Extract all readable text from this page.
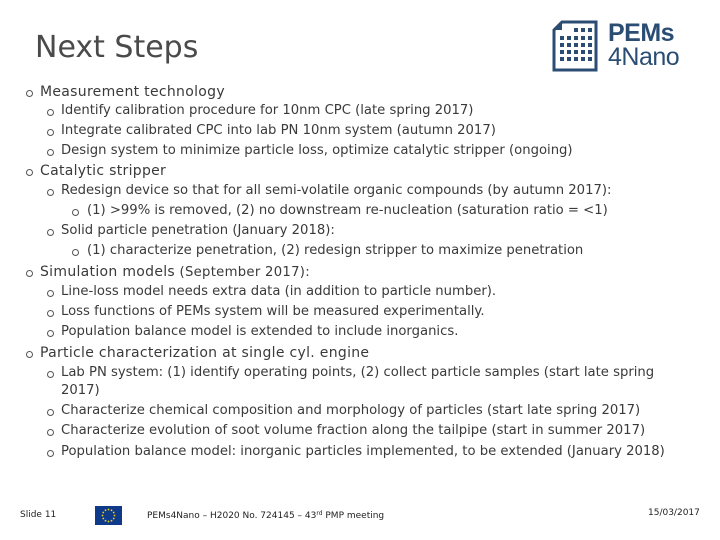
Next Steps	PEMs
4Nano
Measurement technology
Identify calibration procedure for 10nm CPC (late spring 2017)
Integrate calibrated CPC into lab PN 10nm system (autumn 2017)
Design system to minimize particle loss, optimize catalytic stripper (ongoing)
Catalytic stripper
Redesign device so that for all semi-volatile organic compounds (by autumn 2017):
(1) >99% is removed, (2) no downstream re-nucleation (saturation ratio = <1)
Solid particle penetration (January 2018):
(1) characterize penetration, (2) redesign stripper to maximize penetration
Simulation models (September 2017):
Line-loss model needs extra data (in addition to particle number).
Loss functions of PEMs system will be measured experimentally.
Population balance model is extended to include inorganics.
Particle characterization at single cyl. engine
Lab PN system: (1) identify operating points, (2) collect particle samples (start late spring
2017)
Characterize chemical composition and morphology of particles (start late spring 2017)
Characterize evolution of soot volume fraction along the tailpipe (start in summer 2017)
Population balance model: inorganic particles implemented, to be extended (January 2018)
Slide 11	PEMs4Nano – H2020 No. 724145 – 43rd PMP meeting	15/03/2017
